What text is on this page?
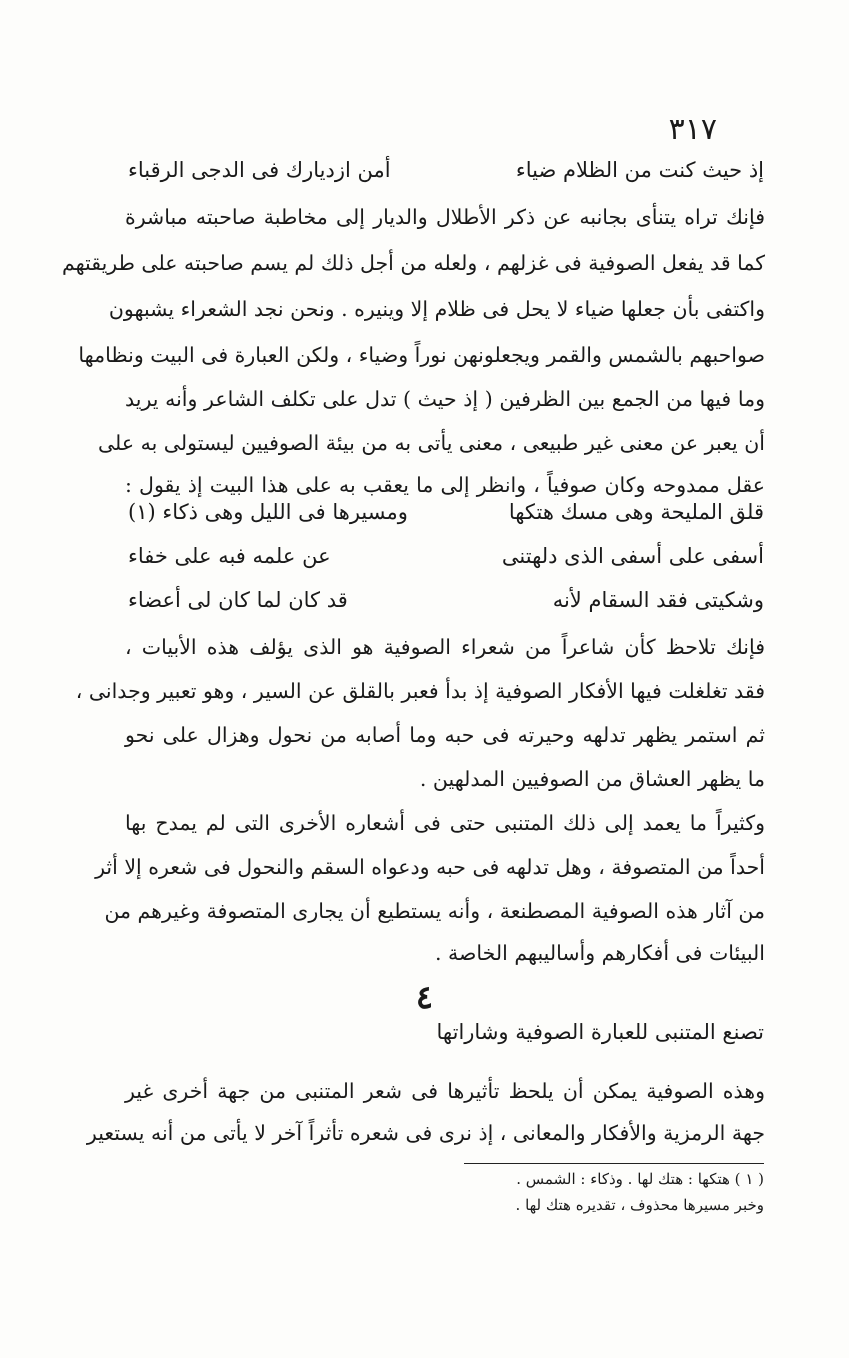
٣١٧
إذ حيث كنت من الظلام ضياء
أمن ازديارك فى الدجى الرقباء
فإنك تراه يتنأى بجانبه عن ذكر الأطلال والديار إلى مخاطبة صاحبته مباشرة
كما قد يفعل الصوفية فى غزلهم ، ولعله من أجل ذلك لم يسم صاحبته على طريقتهم
واكتفى بأن جعلها ضياء لا يحل فى ظلام إلا وينيره . ونحن نجد الشعراء يشبهون
صواحبهم بالشمس والقمر ويجعلونهن نوراً وضياء ، ولكن العبارة فى البيت ونظامها
وما فيها من الجمع بين الظرفين ( إذ حيث ) تدل على تكلف الشاعر وأنه يريد
أن يعبر عن معنى غير طبيعى ، معنى يأتى به من بيئة الصوفيين ليستولى به على
عقل ممدوحه وكان صوفياً ، وانظر إلى ما يعقب به على هذا البيت إذ يقول :
قلق المليحة وهى مسك هتكها
ومسيرها فى الليل وهى ذكاء (١)
أسفى على أسفى الذى دلهتنى
عن علمه فبه على خفاء
وشكيتى فقد السقام لأنه
قد كان لما كان لى أعضاء
فإنك تلاحظ كأن شاعراً من شعراء الصوفية هو الذى يؤلف هذه الأبيات ،
فقد تغلغلت فيها الأفكار الصوفية إذ بدأ فعبر بالقلق عن السير ، وهو تعبير وجدانى ،
ثم استمر يظهر تدلهه وحيرته فى حبه وما أصابه من نحول وهزال على نحو
ما يظهر العشاق من الصوفيين المدلهين .
وكثيراً ما يعمد إلى ذلك المتنبى حتى فى أشعاره الأخرى التى لم يمدح بها
أحداً من المتصوفة ، وهل تدلهه فى حبه ودعواه السقم والنحول فى شعره إلا أثر
من آثار هذه الصوفية المصطنعة ، وأنه يستطيع أن يجارى المتصوفة وغيرهم من
البيئات فى أفكارهم وأساليبهم الخاصة .
٤
تصنع المتنبى للعبارة الصوفية وشاراتها
وهذه الصوفية يمكن أن يلحظ تأثيرها فى شعر المتنبى من جهة أخرى غير
جهة الرمزية والأفكار والمعانى ، إذ نرى فى شعره تأثراً آخر لا يأتى من أنه يستعير
( ١ ) هتكها : هتك لها . وذكاء : الشمس .
وخبر مسيرها محذوف ، تقديره هتك لها .
